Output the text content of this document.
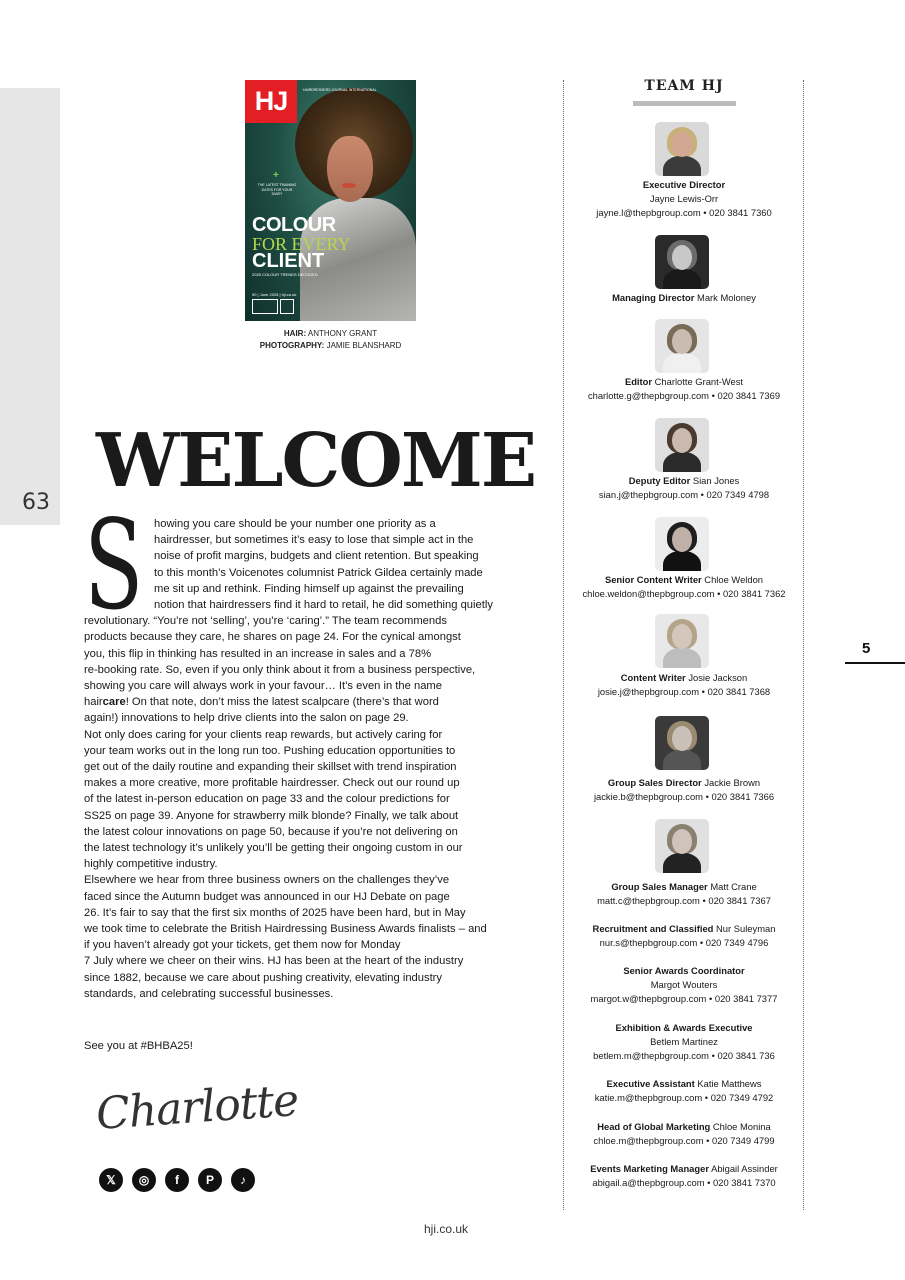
63
5
HJ	HAIRDRESSERS JOURNAL INTERNATIONAL
+
THE LATEST TRAINING DATES FOR YOUR DIARY
COLOUR
FOR EVERY
CLIENT
2025 COLOUR TRENDS DECODED
90 | June 2025 | hji.co.uk
HAIR: ANTHONY GRANT
PHOTOGRAPHY: JAMIE BLANSHARD
WELCOME
S howing you care should be your number one priority as a
hairdresser, but sometimes it’s easy to lose that simple act in the
noise of profit margins, budgets and client retention. But speaking
to this month’s Voicenotes columnist Patrick Gildea certainly made
me sit up and rethink. Finding himself up against the prevailing
notion that hairdressers find it hard to retail, he did something quietly
revolutionary. “You’re not ‘selling’, you’re ‘caring’.” The team recommends
products because they care, he shares on page 24. For the cynical amongst
you, this flip in thinking has resulted in an increase in sales and a 78%
re-booking rate. So, even if you only think about it from a business perspective,
showing you care will always work in your favour… It’s even in the name
haircare! On that note, don’t miss the latest scalpcare (there’s that word
again!) innovations to help drive clients into the salon on page 29.
Not only does caring for your clients reap rewards, but actively caring for
your team works out in the long run too. Pushing education opportunities to
get out of the daily routine and expanding their skillset with trend inspiration
makes a more creative, more profitable hairdresser. Check out our round up
of the latest in-person education on page 33 and the colour predictions for
SS25 on page 39. Anyone for strawberry milk blonde? Finally, we talk about
the latest colour innovations on page 50, because if you’re not delivering on
the latest technology it’s unlikely you’ll be getting their ongoing custom in our
highly competitive industry.
Elsewhere we hear from three business owners on the challenges they’ve
faced since the Autumn budget was announced in our HJ Debate on page
26. It’s fair to say that the first six months of 2025 have been hard, but in May
we took time to celebrate the British Hairdressing Business Awards finalists – and
if you haven’t already got your tickets, get them now for Monday
7 July where we cheer on their wins. HJ has been at the heart of the industry
since 1882, because we care about pushing creativity, elevating industry
standards, and celebrating successful businesses.
See you at #BHBA25!
Charlotte
𝕏	◎	f	P	♪
hji.co.uk
TEAM HJ
Executive Director
Jayne Lewis-Orr
jayne.l@thepbgroup.com • 020 3841 7360
Managing Director Mark Moloney
Editor Charlotte Grant-West
charlotte.g@thepbgroup.com • 020 3841 7369
Deputy Editor Sian Jones
sian.j@thepbgroup.com • 020 7349 4798
Senior Content Writer Chloe Weldon
chloe.weldon@thepbgroup.com • 020 3841 7362
Content Writer Josie Jackson
josie.j@thepbgroup.com • 020 3841 7368
Group Sales Director Jackie Brown
jackie.b@thepbgroup.com • 020 3841 7366
Group Sales Manager Matt Crane
matt.c@thepbgroup.com • 020 3841 7367
Recruitment and Classified Nur Suleyman
nur.s@thepbgroup.com • 020 7349 4796
Senior Awards Coordinator
Margot Wouters
margot.w@thepbgroup.com • 020 3841 7377
Exhibition & Awards Executive
Betlem Martinez
betlem.m@thepbgroup.com • 020 3841 736
Executive Assistant Katie Matthews
katie.m@thepbgroup.com • 020 7349 4792
Head of Global Marketing Chloe Monina
chloe.m@thepbgroup.com • 020 7349 4799
Events Marketing Manager Abigail Assinder
abigail.a@thepbgroup.com • 020 3841 7370
